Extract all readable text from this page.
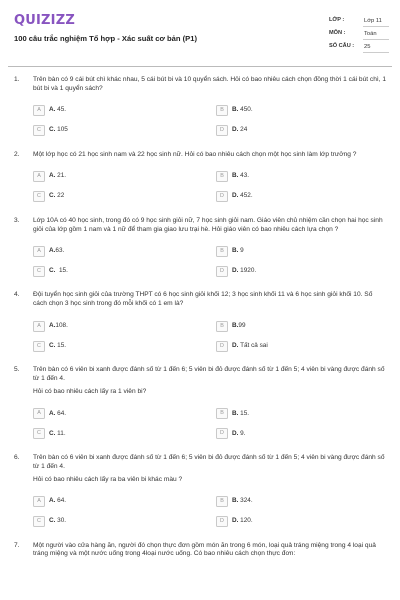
QUIZIZZ
100 câu trắc nghiệm Tổ hợp - Xác suất cơ bản (P1)
LỚP :	Lớp 11
MÔN :	Toán
SỐ CÂU :	25
1.	Trên bàn có 9 cái bút chì khác nhau, 5 cái bút bi và 10 quyển sách. Hỏi có bao nhiêu cách chọn đồng thời 1 cái bút chì, 1 bút bi và 1 quyển sách?

A	A. 45.	B	B. 450.
C	C. 105	D	D. 24
2.	Một lớp học có 21 học sinh nam và 22 học sinh nữ. Hỏi có bao nhiêu cách chọn một học sinh làm lớp trưởng ?

A	A. 21.	B	B. 43.
C	C. 22	D	D. 452.
3.	Lớp 10A có 40 học sinh, trong đó có 9 học sinh giỏi nữ, 7 học sinh giỏi nam. Giáo viên chủ nhiệm cần chọn hai học sinh giỏi của lớp gồm 1 nam và 1 nữ để tham gia giao lưu trại hè. Hỏi giáo viên có bao nhiêu cách lựa chọn ?

A	A.63.	B	B. 9
C	C.  15.	D	D. 1920.
4.	Đội tuyển học sinh giỏi của trường THPT có 6 học sinh giỏi khối 12; 3 học sinh khối 11 và 6 học sinh giỏi khối 10. Số cách chọn 3 học sinh trong đó mỗi khối có 1 em là?

A	A.108.	B	B.99
C	C. 15.	D	D. Tất cả sai
5.	Trên bàn có 6 viên bi xanh được đánh số từ 1 đến 6; 5 viên bi đỏ được đánh số từ 1 đến 5; 4 viên bi vàng được đánh số từ 1 đến 4.

Hỏi có bao nhiêu cách lấy ra 1 viên bi?

A	A. 64.	B	B. 15.
C	C. 11.	D	D. 9.
6.	Trên bàn có 6 viên bi xanh được đánh số từ 1 đến 6; 5 viên bi đỏ được đánh số từ 1 đến 5; 4 viên bi vàng được đánh số từ 1 đến 4.

Hỏi có bao nhiêu cách lấy ra ba viên bi khác màu ?

A	A. 64.	B	B. 324.
C	C. 30.	D	D. 120.
7.	Một người vào cửa hàng ăn, người đó chọn thực đơn gồm món ăn trong 6 món, loại quả tráng miệng trong 4 loại quả tráng miệng và một nước uống trong 4loại nước uống. Có bao nhiêu cách chọn thực đơn:
